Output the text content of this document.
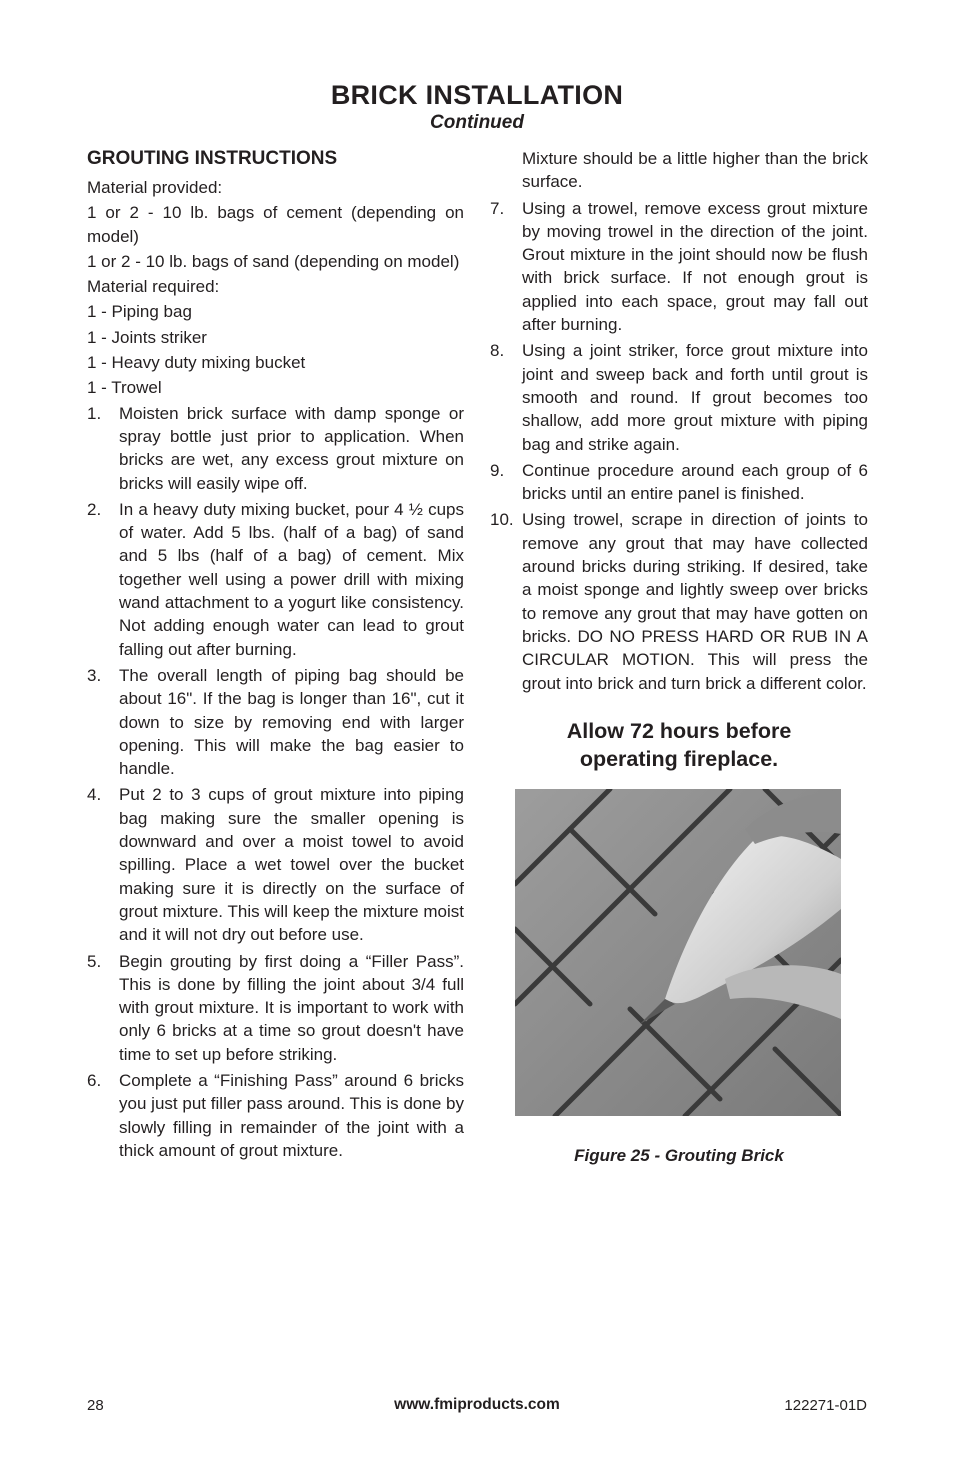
BRICK INSTALLATION
Continued
GROUTING INSTRUCTIONS
Material provided:
1 or 2 - 10 lb. bags of cement (depending on model)
1 or 2 - 10 lb. bags of sand (depending on model)
Material required:
1 - Piping bag
1 - Joints striker
1 - Heavy duty mixing bucket
1 - Trowel
1.	Moisten brick surface with damp sponge or spray bottle just prior to application. When bricks are wet, any excess grout mixture on bricks will easily wipe off.
2.	In a heavy duty mixing bucket, pour 4 ½ cups of water. Add 5 lbs. (half of a bag) of sand and 5 lbs (half of a bag) of cement. Mix together well using a power drill with mixing wand attachment to a yogurt like consistency. Not adding enough water can lead to grout falling out after burning.
3.	The overall length of piping bag should be about 16". If the bag is longer than 16", cut it down to size by removing end with larger opening. This will make the bag easier to handle.
4.	Put 2 to 3 cups of grout mixture into piping bag making sure the smaller opening is downward and over a moist towel to avoid spilling. Place a wet towel over the bucket making sure it is directly on the surface of grout mixture. This will keep the mixture moist and it will not dry out before use.
5.	Begin grouting by first doing a “Filler Pass”. This is done by filling the joint about 3/4 full with grout mixture. It is important to work with only 6 bricks at a time so grout doesn't have time to set up before striking.
6.	Complete a “Finishing Pass” around 6 bricks you just put filler pass around. This is done by slowly filling in remainder of the joint with a thick amount of grout mixture.
Mixture should be a little higher than the brick surface.
7.	Using a trowel, remove excess grout mixture by moving trowel in the direction of the joint. Grout mixture in the joint should now be flush with brick surface. If not enough grout is applied into each space, grout may fall out after burning.
8.	Using a joint striker, force grout mixture into joint and sweep back and forth until grout is smooth and round. If grout becomes too shallow, add more grout mixture with piping bag and strike again.
9.	Continue procedure around each group of 6 bricks until an entire panel is finished.
10. Using trowel, scrape in direction of joints to remove any grout that may have collected around bricks during striking. If desired, take a moist sponge and lightly sweep over bricks to remove any grout that may have gotten on bricks. DO NO PRESS HARD OR RUB IN A CIRCULAR MOTION. This will press the grout into brick and turn brick a different color.
Allow 72 hours before
operating fireplace.
Figure 25 - Grouting Brick
28	www.fmiproducts.com	122271-01D
